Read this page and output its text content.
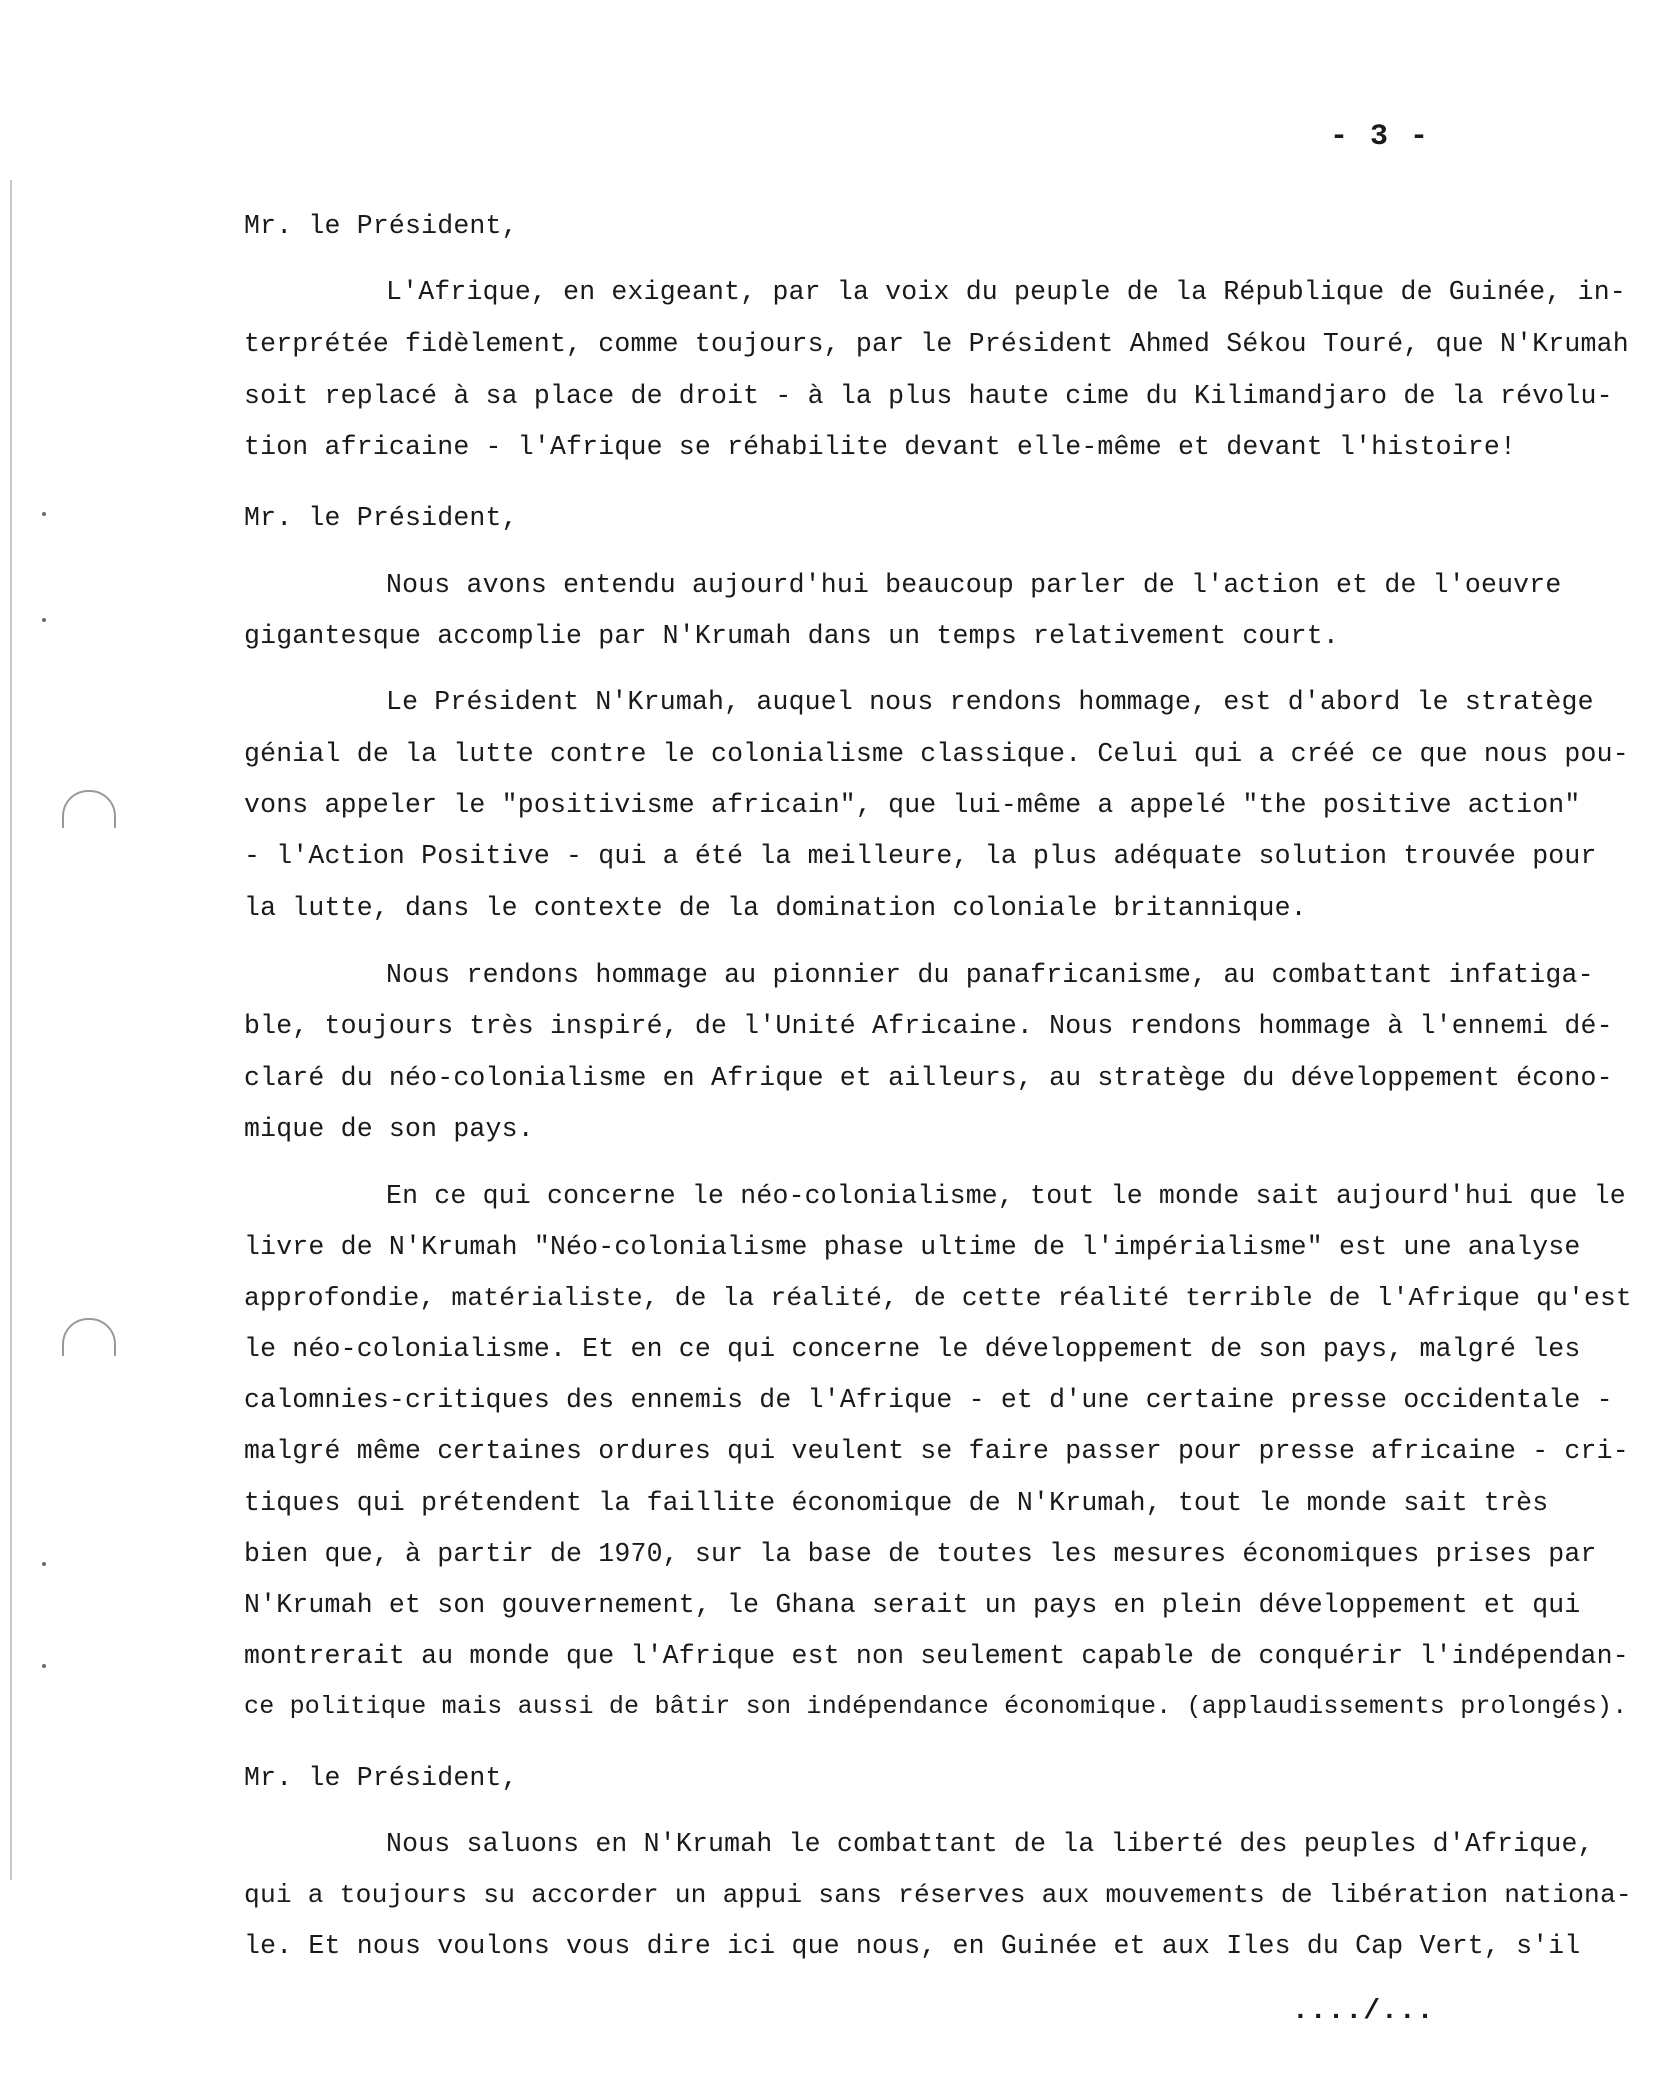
- 3 -
Mr. le Président,
L'Afrique, en exigeant, par la voix du peuple de la République de Guinée, in-
terprétée fidèlement, comme toujours, par le Président Ahmed Sékou Touré, que N'Krumah
soit replacé à sa place de droit - à la plus haute cime du Kilimandjaro de la révolu-
tion africaine - l'Afrique se réhabilite devant elle-même et devant l'histoire!
Mr. le Président,
Nous avons entendu aujourd'hui beaucoup parler de l'action et de l'oeuvre
gigantesque accomplie par N'Krumah dans un temps relativement court.
Le Président N'Krumah, auquel nous rendons hommage, est d'abord le stratège
génial de la lutte contre le colonialisme classique. Celui qui a créé ce que nous pou-
vons appeler le "positivisme africain", que lui-même a appelé "the positive action"
- l'Action Positive - qui a été la meilleure, la plus adéquate solution trouvée pour
la lutte, dans le contexte de la domination coloniale britannique.
Nous rendons hommage au pionnier du panafricanisme, au combattant infatiga-
ble, toujours très inspiré, de l'Unité Africaine. Nous rendons hommage à l'ennemi dé-
claré du néo-colonialisme en Afrique et ailleurs, au stratège du développement écono-
mique de son pays.
En ce qui concerne le néo-colonialisme, tout le monde sait aujourd'hui que le
livre de N'Krumah "Néo-colonialisme phase ultime de l'impérialisme" est une analyse
approfondie, matérialiste, de la réalité, de cette réalité terrible de l'Afrique qu'est
le néo-colonialisme. Et en ce qui concerne le développement de son pays, malgré les
calomnies-critiques des ennemis de l'Afrique - et d'une certaine presse occidentale -
malgré même certaines ordures qui veulent se faire passer pour presse africaine - cri-
tiques qui prétendent la faillite économique de N'Krumah, tout le monde sait très
bien que, à partir de 1970, sur la base de toutes les mesures économiques prises par
N'Krumah et son gouvernement, le Ghana serait un pays en plein développement et qui
montrerait au monde que l'Afrique est non seulement capable de conquérir l'indépendan-
ce politique mais aussi de bâtir son indépendance économique. (applaudissements prolongés).
Mr. le Président,
Nous saluons en N'Krumah le combattant de la liberté des peuples d'Afrique,
qui a toujours su accorder un appui sans réserves aux mouvements de libération nationa-
le. Et nous voulons vous dire ici que nous, en Guinée et aux Iles du Cap Vert, s'il
..../...
